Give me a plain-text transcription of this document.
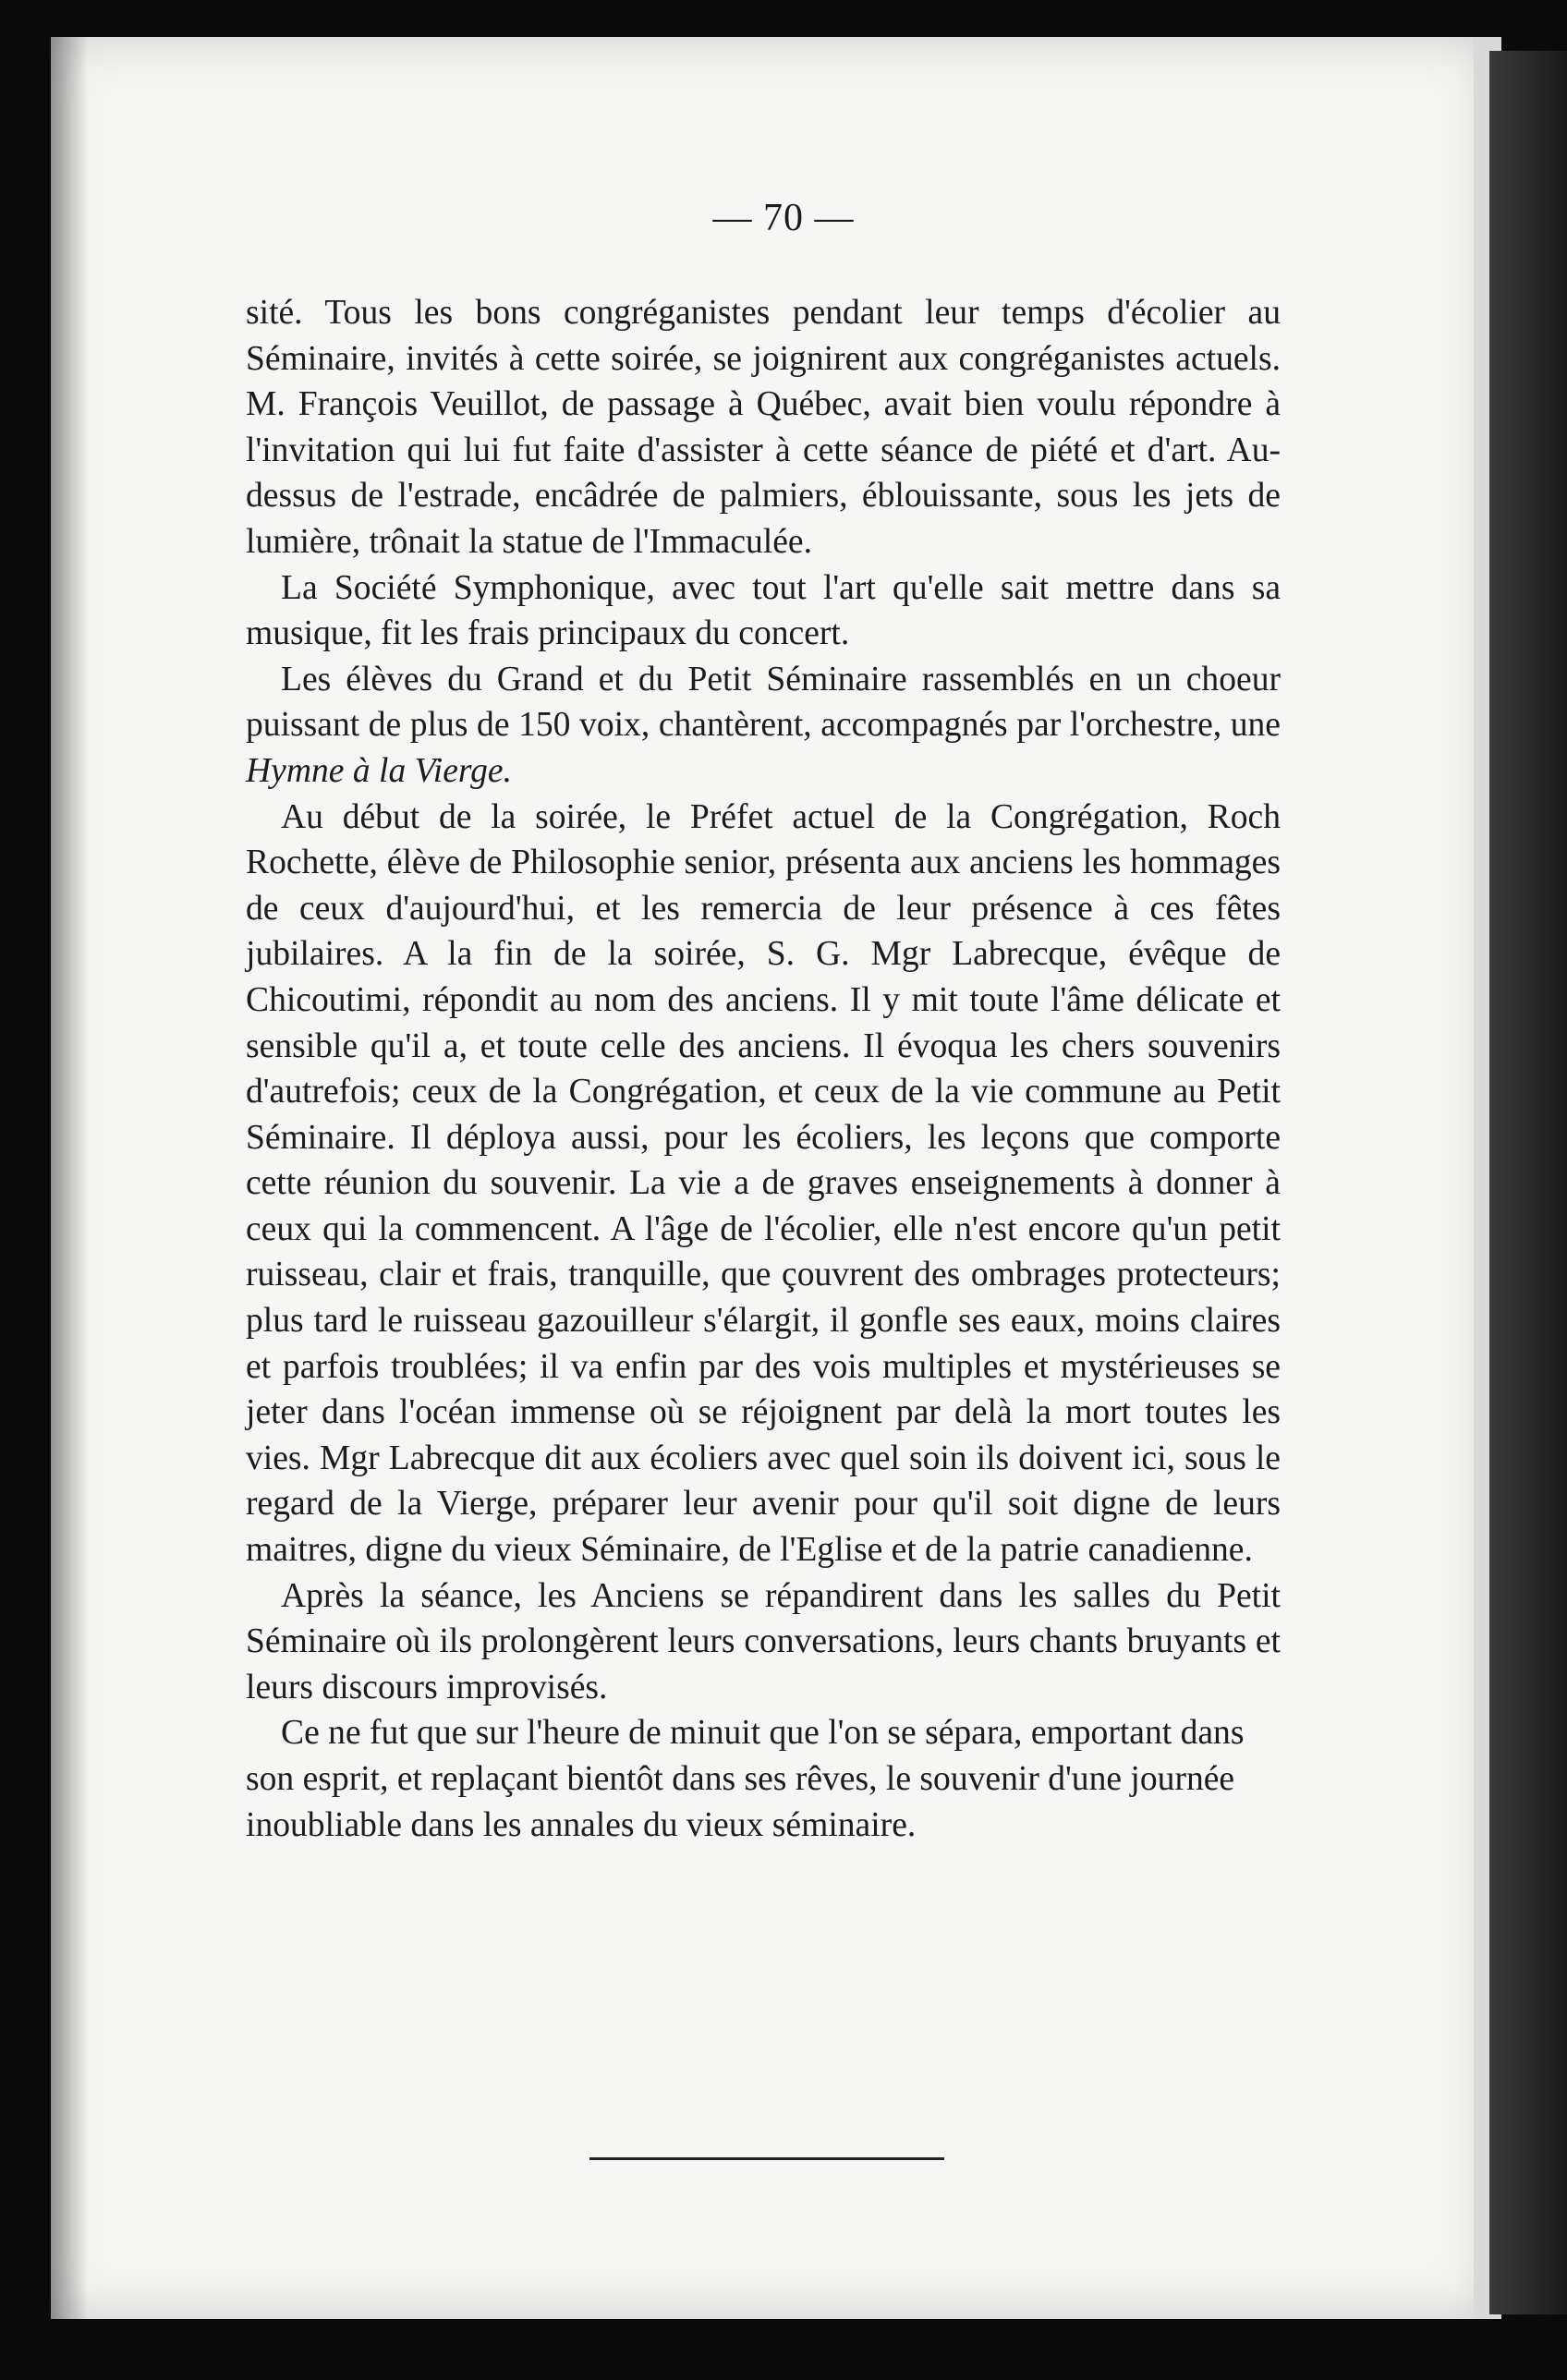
— 70 —

sité. Tous les bons congréganistes pendant leur temps d'écolier au Séminaire, invités à cette soirée, se joignirent aux congréganistes actuels. M. François Veuillot, de passage à Québec, avait bien voulu répondre à l'invitation qui lui fut faite d'assister à cette séance de piété et d'art. Au-dessus de l'estrade, encâdrée de palmiers, éblouissante, sous les jets de lumière, trônait la statue de l'Immaculée.

La Société Symphonique, avec tout l'art qu'elle sait mettre dans sa musique, fit les frais principaux du concert.

Les élèves du Grand et du Petit Séminaire rassemblés en un choeur puissant de plus de 150 voix, chantèrent, accompagnés par l'orchestre, une Hymne à la Vierge.

Au début de la soirée, le Préfet actuel de la Congrégation, Roch Rochette, élève de Philosophie senior, présenta aux anciens les hommages de ceux d'aujourd'hui, et les remercia de leur présence à ces fêtes jubilaires. A la fin de la soirée, S. G. Mgr Labrecque, évêque de Chicoutimi, répondit au nom des anciens. Il y mit toute l'âme délicate et sensible qu'il a, et toute celle des anciens. Il évoqua les chers souvenirs d'autrefois; ceux de la Congrégation, et ceux de la vie commune au Petit Séminaire. Il déploya aussi, pour les écoliers, les leçons que comporte cette réunion du souvenir. La vie a de graves enseignements à donner à ceux qui la commencent. A l'âge de l'écolier, elle n'est encore qu'un petit ruisseau, clair et frais, tranquille, que çouvrent des ombrages protecteurs; plus tard le ruisseau gazouilleur s'élargit, il gonfle ses eaux, moins claires et parfois troublées; il va enfin par des vois multiples et mystérieuses se jeter dans l'océan immense où se réjoignent par delà la mort toutes les vies. Mgr Labrecque dit aux écoliers avec quel soin ils doivent ici, sous le regard de la Vierge, préparer leur avenir pour qu'il soit digne de leurs maitres, digne du vieux Séminaire, de l'Eglise et de la patrie canadienne.

Après la séance, les Anciens se répandirent dans les salles du Petit Séminaire où ils prolongèrent leurs conversations, leurs chants bruyants et leurs discours improvisés.

Ce ne fut que sur l'heure de minuit que l'on se sépara, emportant dans son esprit, et replaçant bientôt dans ses rêves, le souvenir d'une journée inoubliable dans les annales du vieux séminaire.
